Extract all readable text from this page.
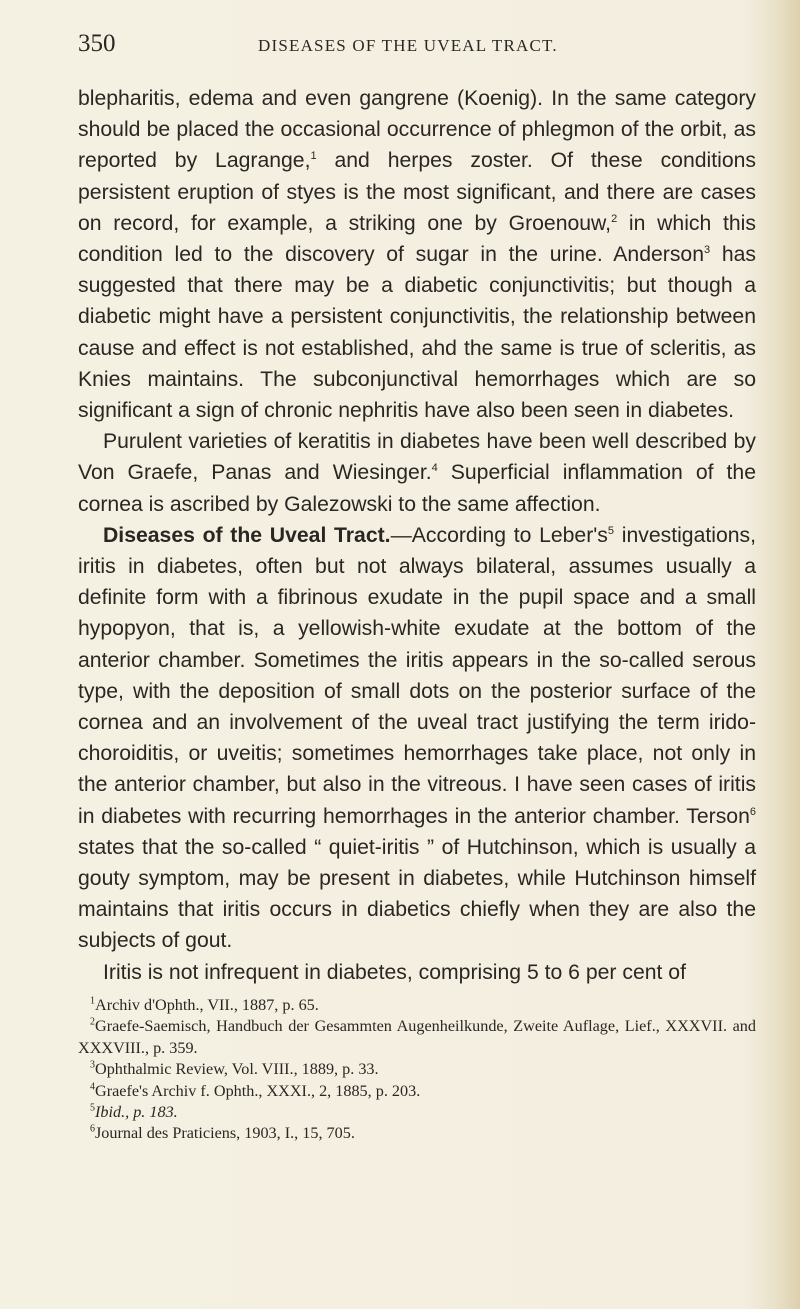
350	DISEASES OF THE UVEAL TRACT.

blepharitis, edema and even gangrene (Koenig). In the same category should be placed the occasional occurrence of phlegmon of the orbit, as reported by Lagrange,$^1$ and herpes zoster. Of these conditions persistent eruption of styes is the most significant, and there are cases on record, for example, a striking one by Groenouw,$^2$ in which this condition led to the discovery of sugar in the urine. Anderson$^3$ has suggested that there may be a diabetic conjunctivitis; but though a diabetic might have a persistent conjunctivitis, the relationship between cause and effect is not established, ahd the same is true of scleritis, as Knies maintains. The subconjunctival hemorrhages which are so significant a sign of chronic nephritis have also been seen in diabetes.

Purulent varieties of keratitis in diabetes have been well described by Von Graefe, Panas and Wiesinger.$^4$ Superficial inflammation of the cornea is ascribed by Galezowski to the same affection.

Diseases of the Uveal Tract.—According to $Leber's^5$ investigations, iritis in diabetes, often but not always bilateral, assumes usually a definite form with a fibrinous exudate in the pupil space and a small hypopyon, that is, a yellowish-white exudate at the bottom of the anterior chamber. Sometimes the iritis appears in the so-called serous type, with the deposition of small dots on the posterior surface of the cornea and an involvement of the uveal tract justifying the term irido-choroiditis, or uveitis; sometimes hemorrhages take place, not only in the anterior chamber, but also in the vitreous. I have seen cases of iritis in diabetes with recurring hemorrhages in the anterior chamber. Terson$^6$ states that the so-called “ quiet-iritis ” of Hutchinson, which is usually a gouty symptom, may be present in diabetes, while Hutchinson himself maintains that iritis occurs in diabetics chiefly when they are also the subjects of gout.

Iritis is not infrequent in diabetes, comprising 5 to 6 per cent of

$^1$Archiv d'Ophth., VII., 1887, p. 65.

$^2$Graefe-Saemisch, Handbuch der Gesammten Augenheilkunde, Zweite Auflage, Lief., XXXVII. and XXXVIII., p. 359.

$^3$Ophthalmic Review, Vol. VIII., 1889, p. 33.

$^4$Graefe's Archiv f. Ophth., XXXI., 2, 1885, p. 203.

$^5$Ibid., p. 183.

$^6$Journal des Praticiens, 1903, I., 15, 705.
